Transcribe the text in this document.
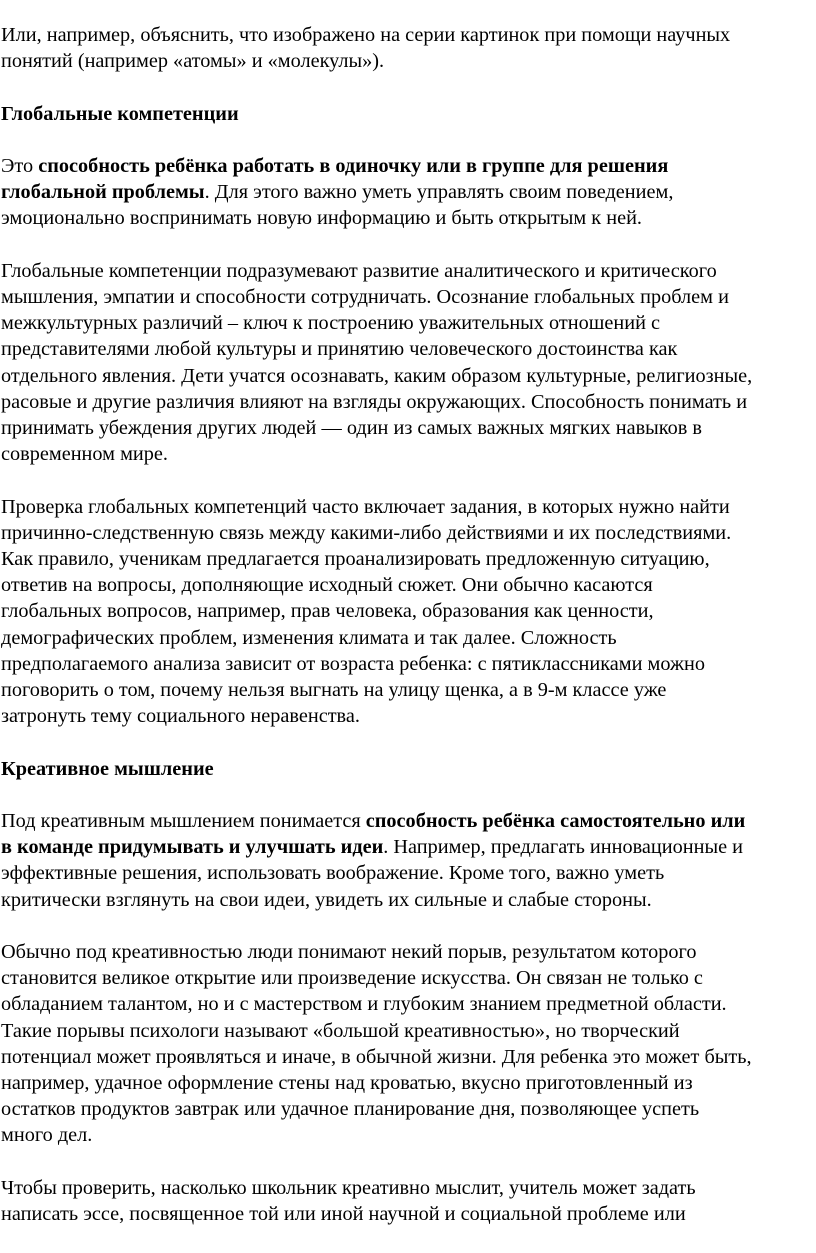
Или, например, объяснить, что изображено на серии картинок при помощи научных
понятий (например «атомы» и «молекулы»).

Глобальные компетенции

Это способность ребёнка работать в одиночку или в группе для решения
глобальной проблемы. Для этого важно уметь управлять своим поведением,
эмоционально воспринимать новую информацию и быть открытым к ней.

Глобальные компетенции подразумевают развитие аналитического и критического
мышления, эмпатии и способности сотрудничать. Осознание глобальных проблем и
межкультурных различий – ключ к построению уважительных отношений с
представителями любой культуры и принятию человеческого достоинства как
отдельного явления. Дети учатся осознавать, каким образом культурные, религиозные,
расовые и другие различия влияют на взгляды окружающих. Способность понимать и
принимать убеждения других людей — один из самых важных мягких навыков в
современном мире.

Проверка глобальных компетенций часто включает задания, в которых нужно найти
причинно-следственную связь между какими-либо действиями и их последствиями.
Как правило, ученикам предлагается проанализировать предложенную ситуацию,
ответив на вопросы, дополняющие исходный сюжет. Они обычно касаются
глобальных вопросов, например, прав человека, образования как ценности,
демографических проблем, изменения климата и так далее. Сложность
предполагаемого анализа зависит от возраста ребенка: с пятиклассниками можно
поговорить о том, почему нельзя выгнать на улицу щенка, а в 9-м классе уже
затронуть тему социального неравенства.

Креативное мышление

Под креативным мышлением понимается способность ребёнка самостоятельно или
в команде придумывать и улучшать идеи. Например, предлагать инновационные и
эффективные решения, использовать воображение. Кроме того, важно уметь
критически взглянуть на свои идеи, увидеть их сильные и слабые стороны.

Обычно под креативностью люди понимают некий порыв, результатом которого
становится великое открытие или произведение искусства. Он связан не только с
обладанием талантом, но и с мастерством и глубоким знанием предметной области.
Такие порывы психологи называют «большой креативностью», но творческий
потенциал может проявляться и иначе, в обычной жизни. Для ребенка это может быть,
например, удачное оформление стены над кроватью, вкусно приготовленный из
остатков продуктов завтрак или удачное планирование дня, позволяющее успеть
много дел.

Чтобы проверить, насколько школьник креативно мыслит, учитель может задать
написать эссе, посвященное той или иной научной и социальной проблеме или
